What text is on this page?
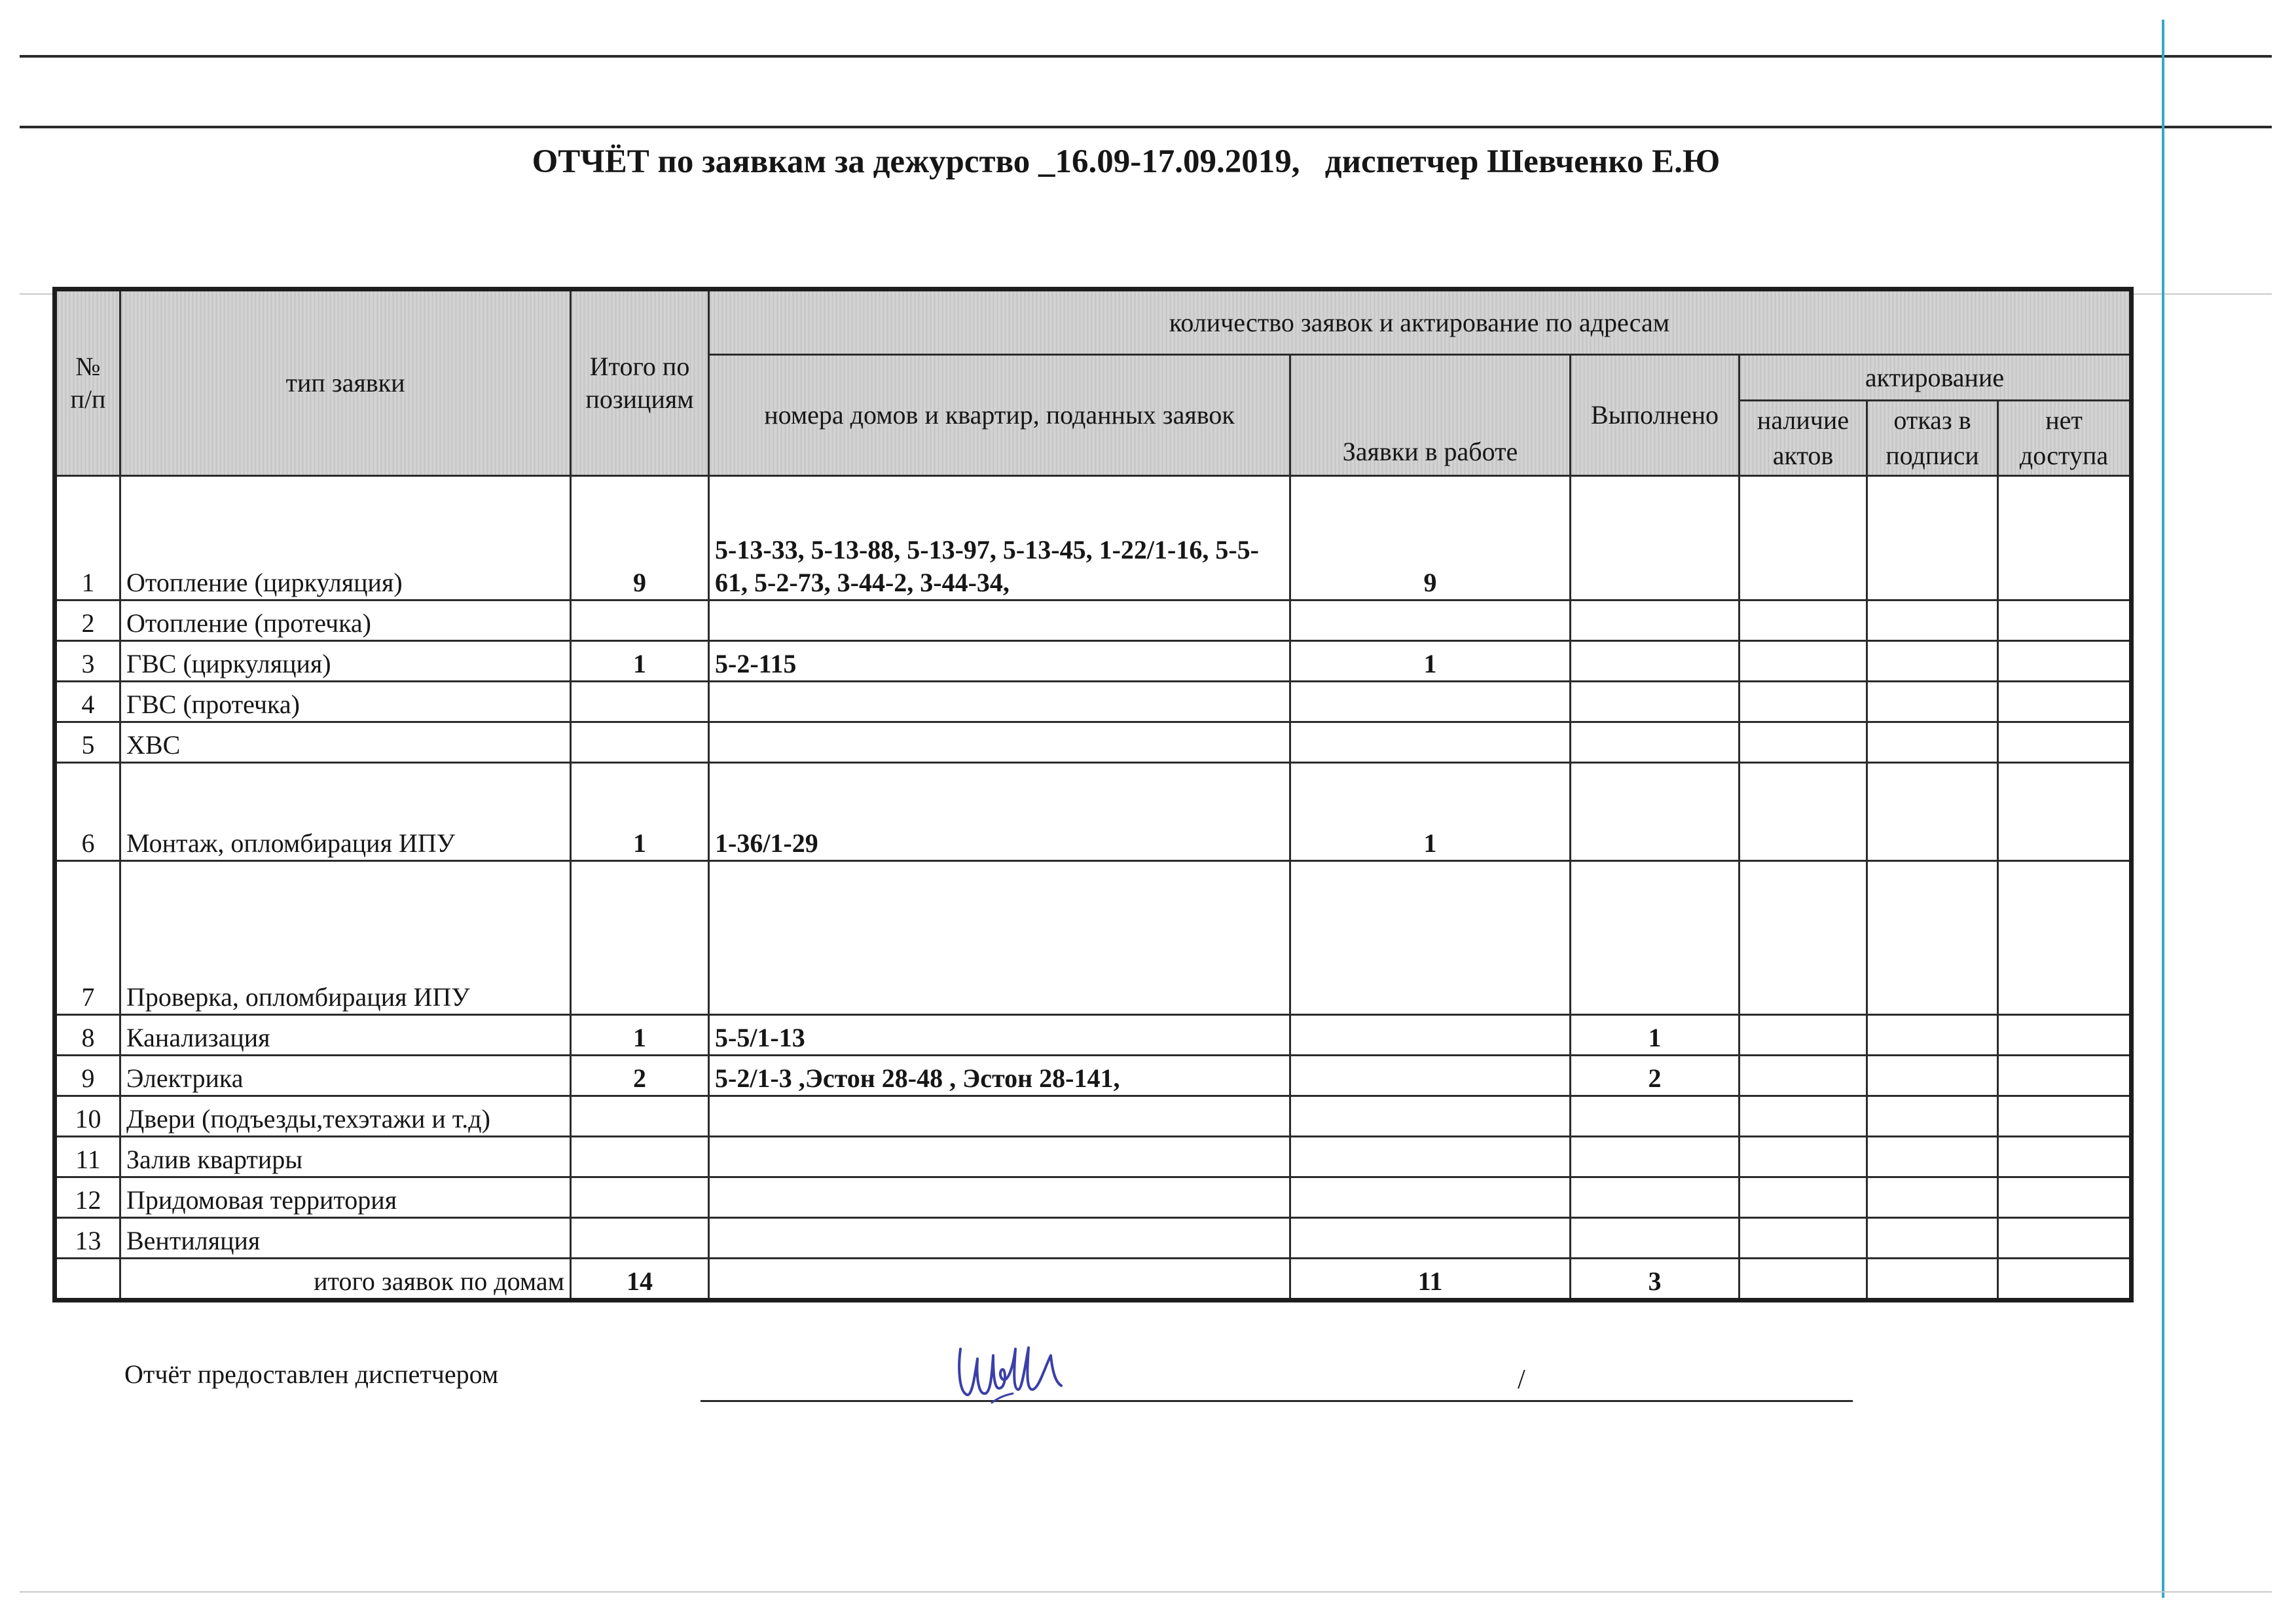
ОТЧЁТ по заявкам за дежурство _16.09-17.09.2019,   диспетчер Шевченко Е.Ю
№ п/п	тип заявки	Итого по позициям	количество заявок и актирование по адресам					
			номера домов и квартир, поданных заявок	Заявки в работе	Выполнено	актирование		
						наличие актов	отказ в подписи	нет доступа
1	Отопление (циркуляция)	9	5-13-33, 5-13-88, 5-13-97, 5-13-45, 1-22/1-16, 5-5-61, 5-2-73, 3-44-2, 3-44-34,	9				
2	Отопление (протечка)							
3	ГВС (циркуляция)	1	5-2-115	1				
4	ГВС (протечка)							
5	ХВС							
6	Монтаж, опломбирация ИПУ	1	1-36/1-29	1				
7	Проверка, опломбирация ИПУ							
8	Канализация	1	5-5/1-13		1			
9	Электрика	2	5-2/1-3 ,Эстон 28-48 , Эстон 28-141,		2			
10	Двери (подъезды,техэтажи и т.д)							
11	Залив квартиры							
12	Придомовая территория							
13	Вентиляция							
	итого заявок по домам	14		11	3			
Отчёт предоставлен диспетчером	/
